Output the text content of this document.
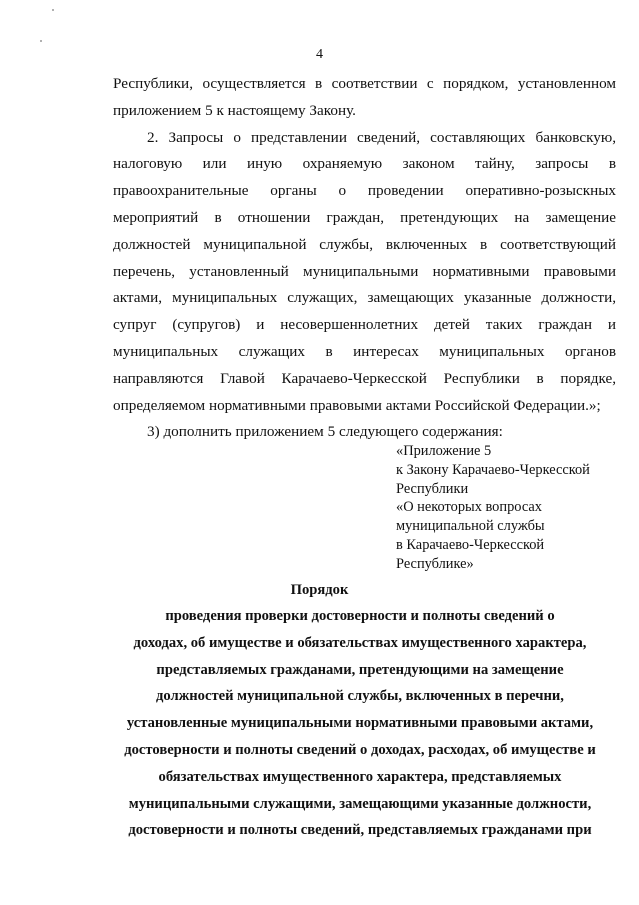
4
Республики, осуществляется в соответствии с порядком, установленном
приложением 5 к настоящему Закону.
2. Запросы о представлении сведений, составляющих банковскую,
налоговую или иную охраняемую законом тайну, запросы в
правоохранительные органы о проведении оперативно-розыскных
мероприятий в отношении граждан, претендующих на замещение
должностей муниципальной службы, включенных в соответствующий
перечень, установленный муниципальными нормативными правовыми
актами, муниципальных служащих, замещающих указанные должности,
супруг (супругов) и несовершеннолетних детей таких граждан и
муниципальных служащих в интересах муниципальных органов
направляются Главой Карачаево-Черкесской Республики в порядке,
определяемом нормативными правовыми актами Российской Федерации.»;
3) дополнить приложением 5 следующего содержания:
«Приложение 5
к Закону Карачаево-Черкесской
Республики
«О некоторых вопросах
муниципальной службы
в Карачаево-Черкесской
Республике»
Порядок
проведения проверки достоверности и полноты сведений о
доходах, об имуществе и обязательствах имущественного характера,
представляемых гражданами, претендующими на замещение
должностей муниципальной службы, включенных в перечни,
установленные муниципальными нормативными правовыми актами,
достоверности и полноты сведений о доходах, расходах, об имуществе и
обязательствах имущественного характера, представляемых
муниципальными служащими, замещающими указанные должности,
достоверности и полноты сведений, представляемых гражданами при
